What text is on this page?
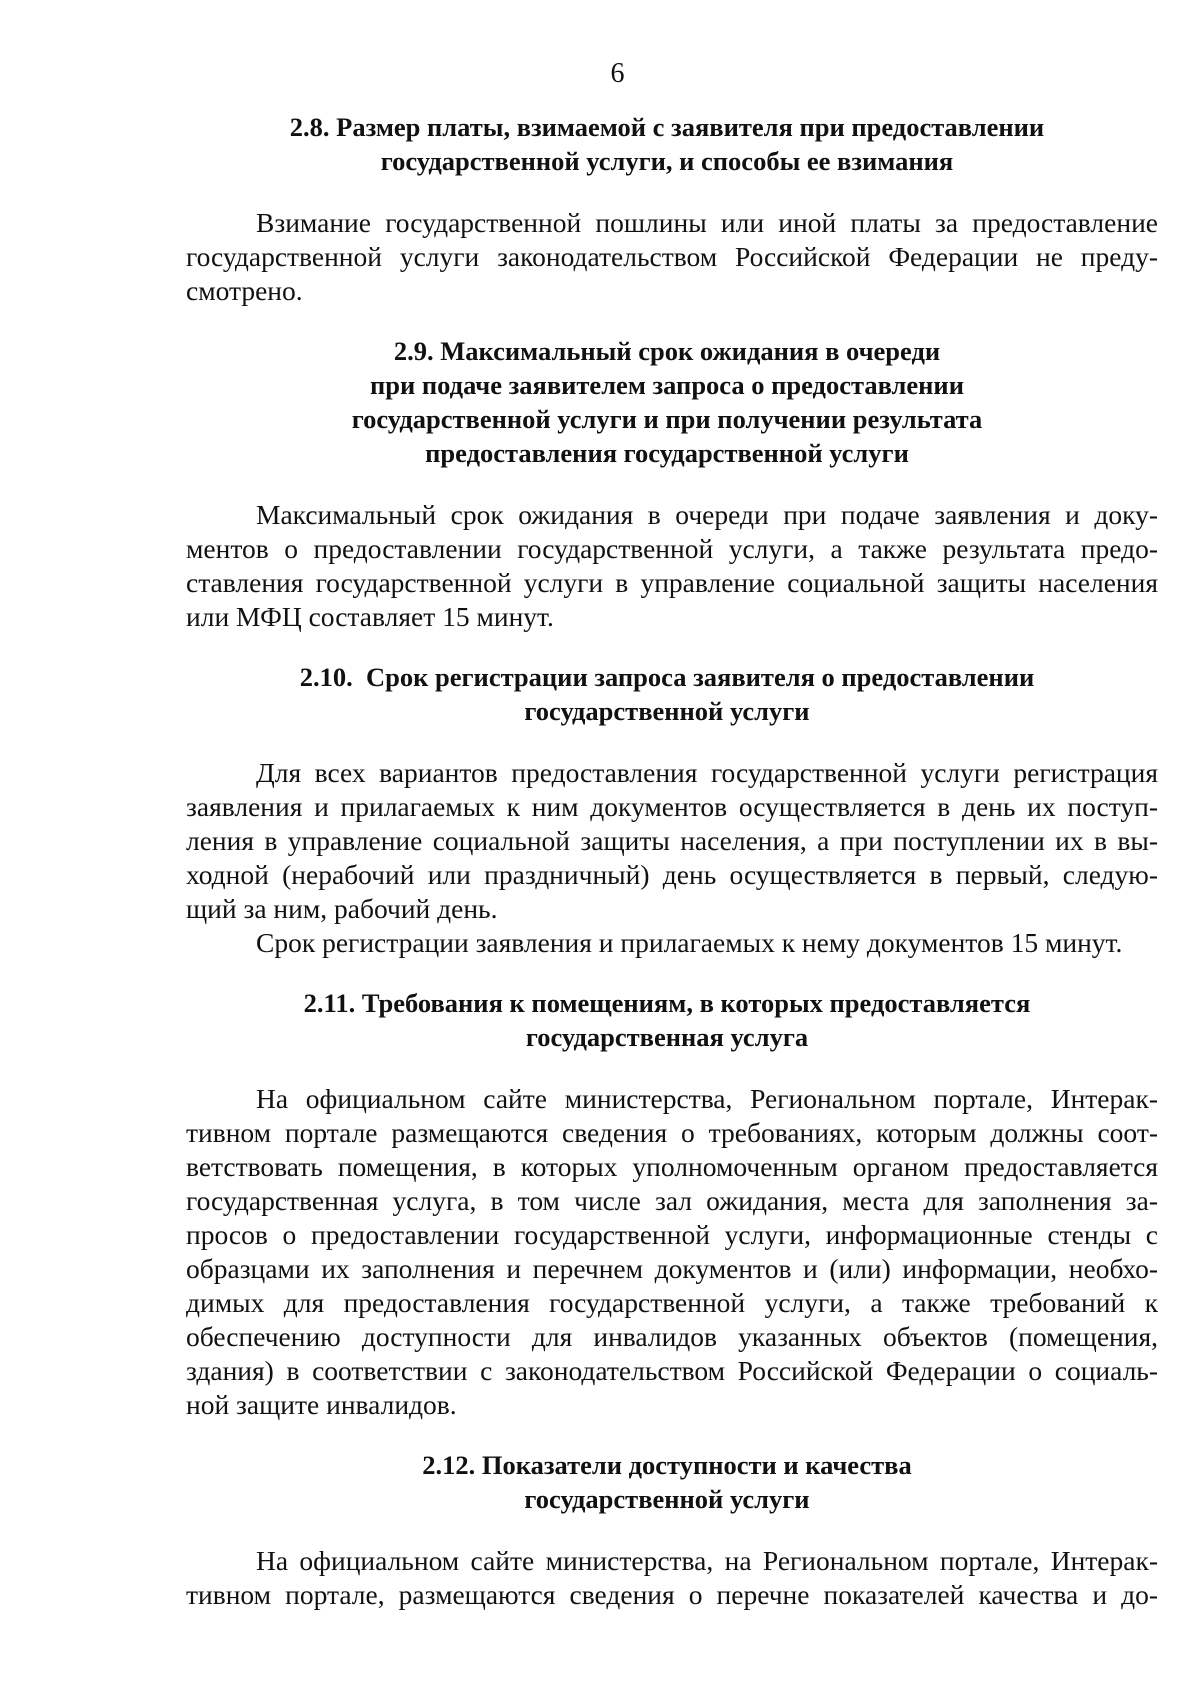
6
2.8. Размер платы, взимаемой с заявителя при предоставлении
государственной услуги, и способы ее взимания
Взимание государственной пошлины или иной платы за предоставление
государственной услуги законодательством Российской Федерации не преду-
смотрено.
2.9. Максимальный срок ожидания в очереди
при подаче заявителем запроса о предоставлении
государственной услуги и при получении результата
предоставления государственной услуги
Максимальный срок ожидания в очереди при подаче заявления и доку-
ментов о предоставлении государственной услуги, а также результата предо-
ставления государственной услуги в управление социальной защиты населения
или МФЦ составляет 15 минут.
2.10.  Срок регистрации запроса заявителя о предоставлении
государственной услуги
Для всех вариантов предоставления государственной услуги регистрация
заявления и прилагаемых к ним документов осуществляется в день их поступ-
ления в управление социальной защиты населения, а при поступлении их в вы-
ходной (нерабочий или праздничный) день осуществляется в первый, следую-
щий за ним, рабочий день.
Срок регистрации заявления и прилагаемых к нему документов 15 минут.
2.11. Требования к помещениям, в которых предоставляется
государственная услуга
На официальном сайте министерства, Региональном портале, Интерак-
тивном портале размещаются сведения о требованиях, которым должны соот-
ветствовать помещения, в которых уполномоченным органом предоставляется
государственная услуга, в том числе зал ожидания, места для заполнения за-
просов о предоставлении государственной услуги, информационные стенды с
образцами их заполнения и перечнем документов и (или) информации, необхо-
димых для предоставления государственной услуги, а также требований к
обеспечению доступности для инвалидов указанных объектов (помещения,
здания) в соответствии с законодательством Российской Федерации о социаль-
ной защите инвалидов.
2.12. Показатели доступности и качества
государственной услуги
На официальном сайте министерства, на Региональном портале, Интерак-
тивном портале, размещаются сведения о перечне показателей качества и до-
